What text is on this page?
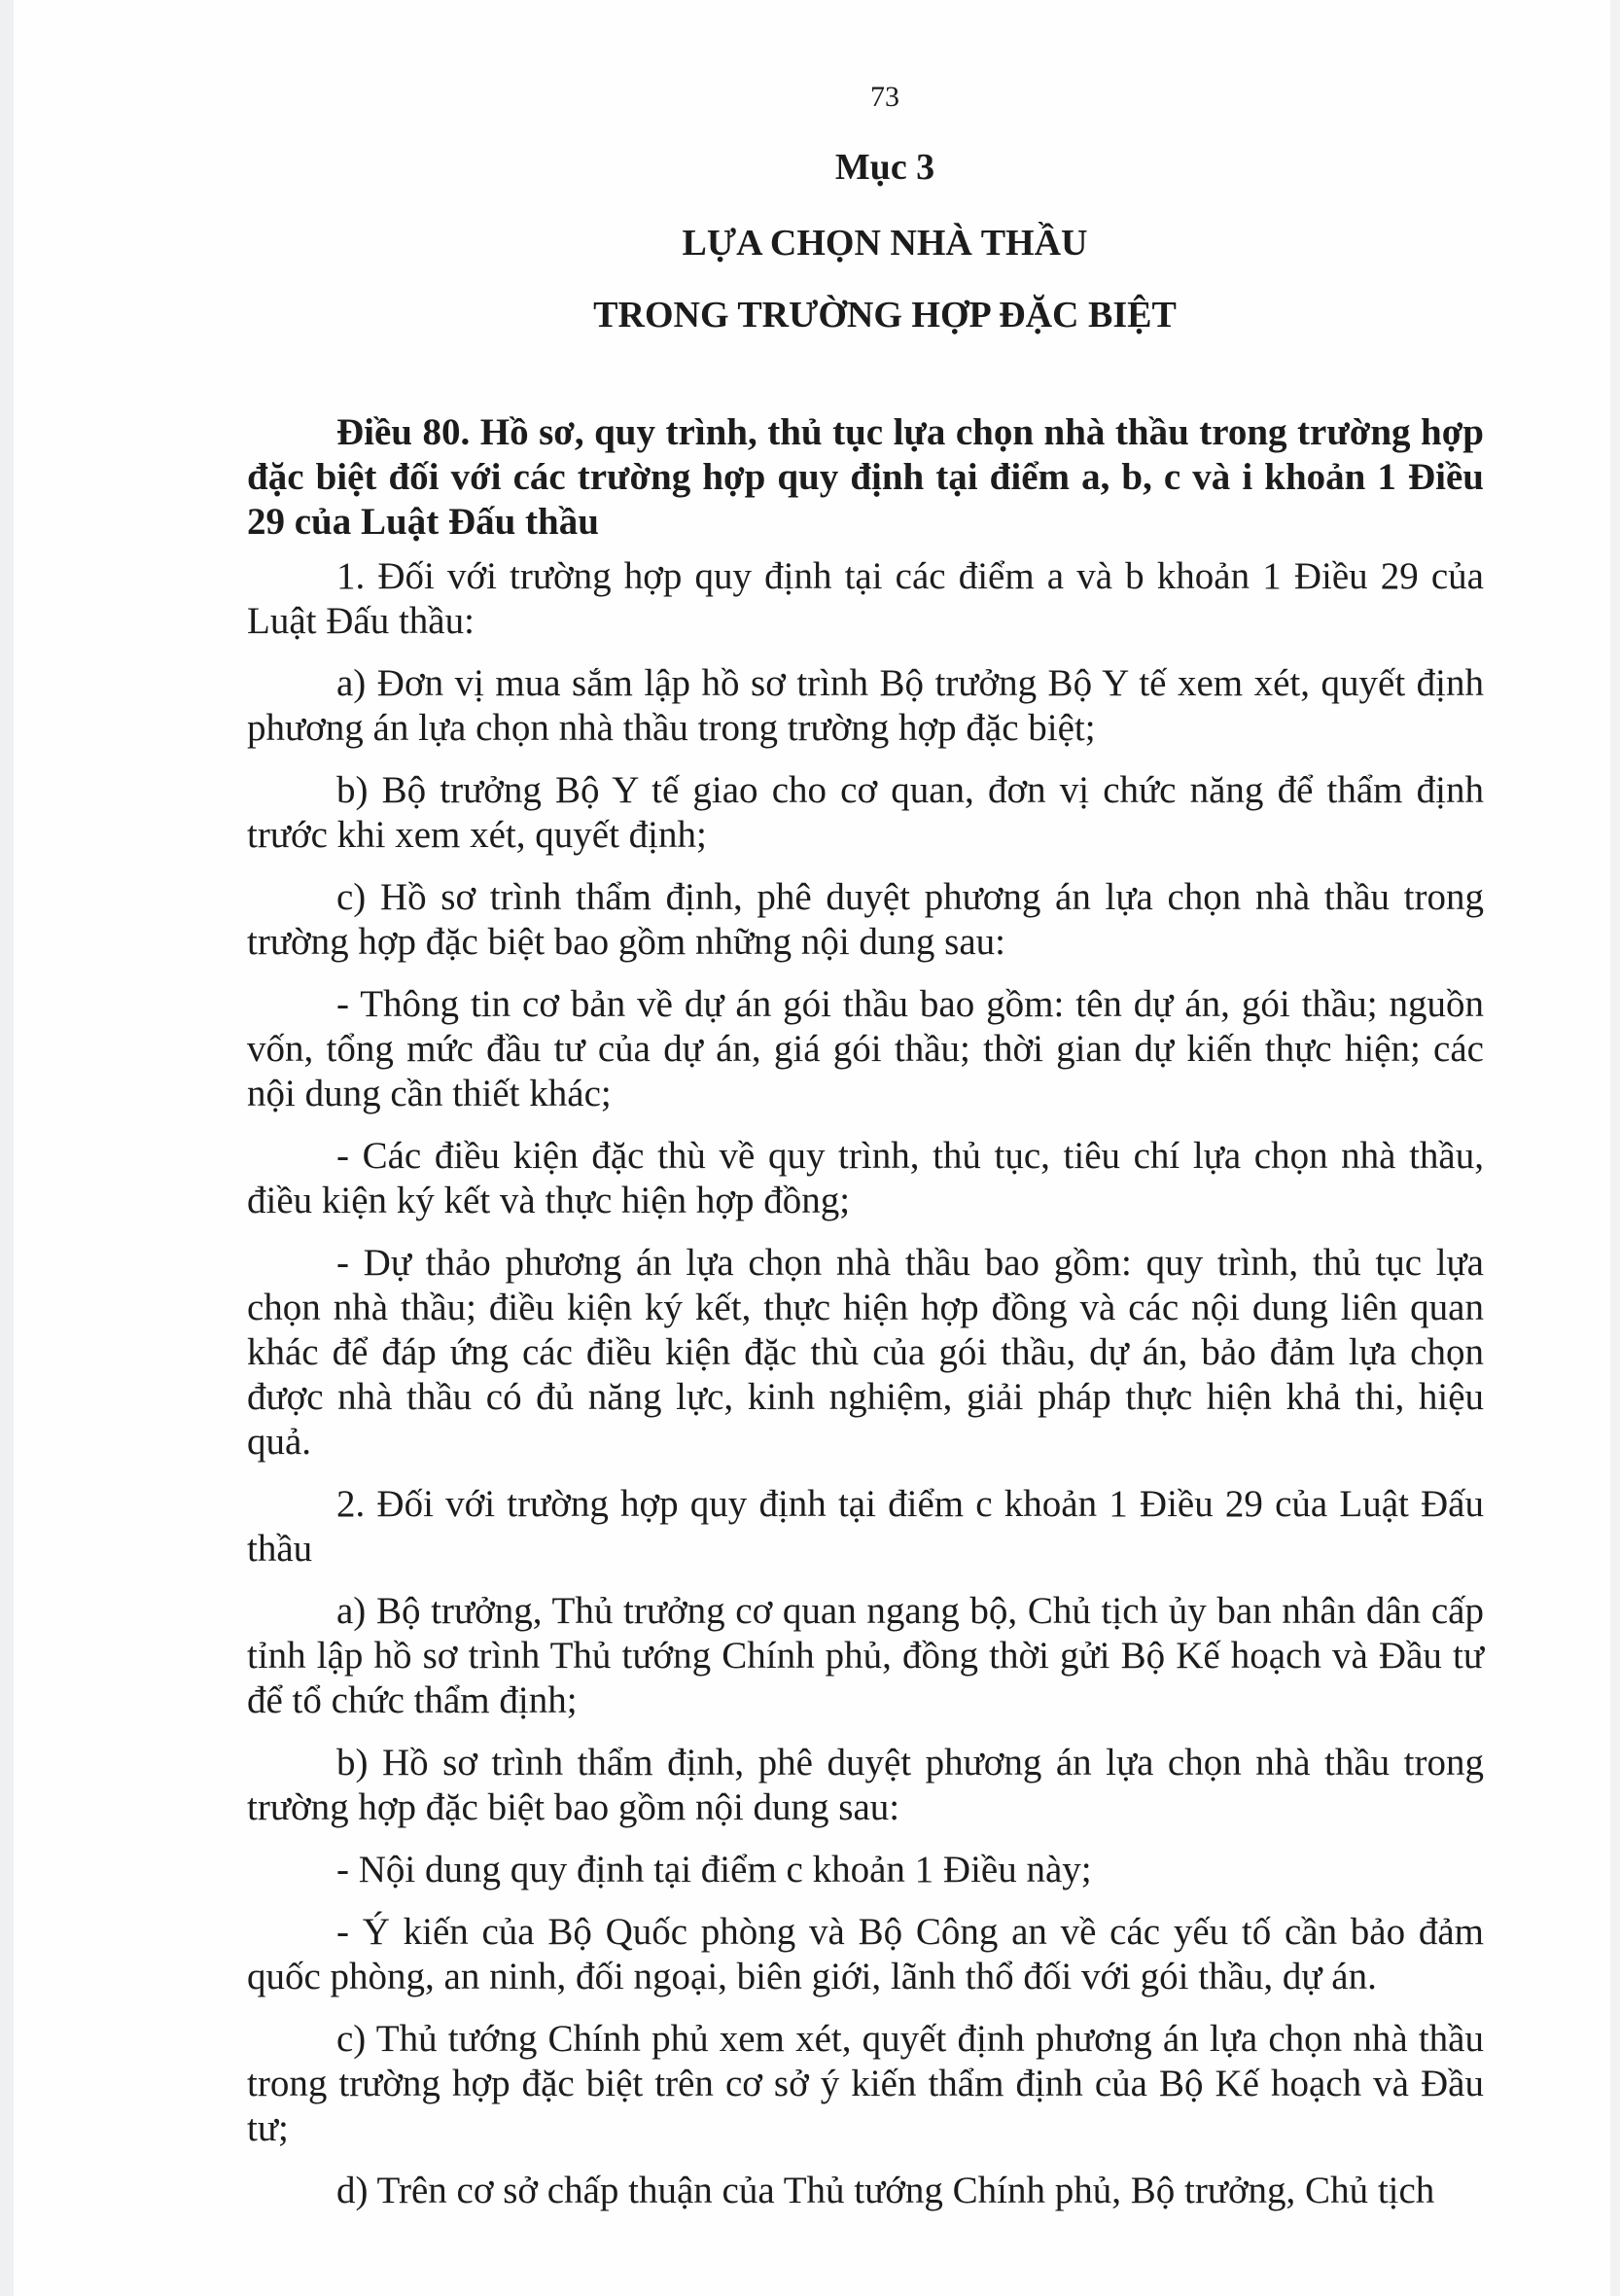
73
Mục 3
LỰA CHỌN NHÀ THẦU
TRONG TRƯỜNG HỢP ĐẶC BIỆT
Điều 80. Hồ sơ, quy trình, thủ tục lựa chọn nhà thầu trong trường hợp đặc biệt đối với các trường hợp quy định tại điểm a, b, c và i khoản 1 Điều 29 của Luật Đấu thầu

1. Đối với trường hợp quy định tại các điểm a và b khoản 1 Điều 29 của Luật Đấu thầu:

a) Đơn vị mua sắm lập hồ sơ trình Bộ trưởng Bộ Y tế xem xét, quyết định phương án lựa chọn nhà thầu trong trường hợp đặc biệt;

b) Bộ trưởng Bộ Y tế giao cho cơ quan, đơn vị chức năng để thẩm định trước khi xem xét, quyết định;

c) Hồ sơ trình thẩm định, phê duyệt phương án lựa chọn nhà thầu trong trường hợp đặc biệt bao gồm những nội dung sau:

- Thông tin cơ bản về dự án gói thầu bao gồm: tên dự án, gói thầu; nguồn vốn, tổng mức đầu tư của dự án, giá gói thầu; thời gian dự kiến thực hiện; các nội dung cần thiết khác;

- Các điều kiện đặc thù về quy trình, thủ tục, tiêu chí lựa chọn nhà thầu, điều kiện ký kết và thực hiện hợp đồng;

- Dự thảo phương án lựa chọn nhà thầu bao gồm: quy trình, thủ tục lựa chọn nhà thầu; điều kiện ký kết, thực hiện hợp đồng và các nội dung liên quan khác để đáp ứng các điều kiện đặc thù của gói thầu, dự án, bảo đảm lựa chọn được nhà thầu có đủ năng lực, kinh nghiệm, giải pháp thực hiện khả thi, hiệu quả.

2. Đối với trường hợp quy định tại điểm c khoản 1 Điều 29 của Luật Đấu thầu

a) Bộ trưởng, Thủ trưởng cơ quan ngang bộ, Chủ tịch ủy ban nhân dân cấp tỉnh lập hồ sơ trình Thủ tướng Chính phủ, đồng thời gửi Bộ Kế hoạch và Đầu tư để tổ chức thẩm định;

b) Hồ sơ trình thẩm định, phê duyệt phương án lựa chọn nhà thầu trong trường hợp đặc biệt bao gồm nội dung sau:

- Nội dung quy định tại điểm c khoản 1 Điều này;

- Ý kiến của Bộ Quốc phòng và Bộ Công an về các yếu tố cần bảo đảm quốc phòng, an ninh, đối ngoại, biên giới, lãnh thổ đối với gói thầu, dự án.

c) Thủ tướng Chính phủ xem xét, quyết định phương án lựa chọn nhà thầu trong trường hợp đặc biệt trên cơ sở ý kiến thẩm định của Bộ Kế hoạch và Đầu tư;

d) Trên cơ sở chấp thuận của Thủ tướng Chính phủ, Bộ trưởng, Chủ tịch
